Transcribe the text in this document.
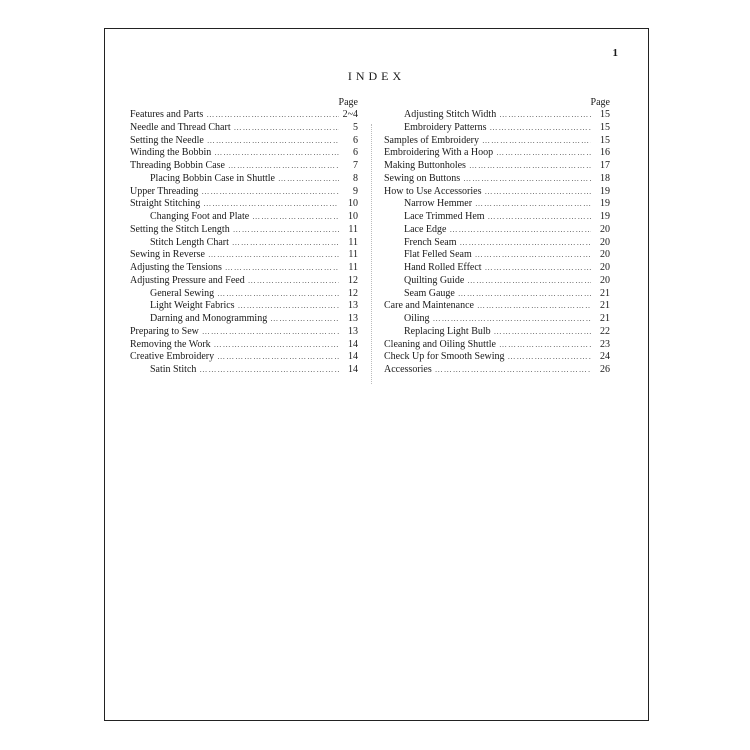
1
INDEX
Page
Features and Parts …………………………………………………………………………………………………………………………	2~4
Needle and Thread Chart …………………………………………………………………………………………………………………………	5
Setting the Needle …………………………………………………………………………………………………………………………	6
Winding the Bobbin …………………………………………………………………………………………………………………………	6
Threading Bobbin Case …………………………………………………………………………………………………………………………	7
Placing Bobbin Case in Shuttle …………………………………………………………………………………………………………………………	8
Upper Threading …………………………………………………………………………………………………………………………	9
Straight Stitching …………………………………………………………………………………………………………………………	10
Changing Foot and Plate …………………………………………………………………………………………………………………………	10
Setting the Stitch Length …………………………………………………………………………………………………………………………	11
Stitch Length Chart …………………………………………………………………………………………………………………………	11
Sewing in Reverse …………………………………………………………………………………………………………………………	11
Adjusting the Tensions …………………………………………………………………………………………………………………………	11
Adjusting Pressure and Feed …………………………………………………………………………………………………………………………	12
General Sewing …………………………………………………………………………………………………………………………	12
Light Weight Fabrics …………………………………………………………………………………………………………………………	13
Darning and Monogramming …………………………………………………………………………………………………………………………	13
Preparing to Sew …………………………………………………………………………………………………………………………	13
Removing the Work …………………………………………………………………………………………………………………………	14
Creative Embroidery …………………………………………………………………………………………………………………………	14
Satin Stitch …………………………………………………………………………………………………………………………	14
Page
Adjusting Stitch Width …………………………………………………………………………………………………………………………	15
Embroidery Patterns …………………………………………………………………………………………………………………………	15
Samples of Embroidery …………………………………………………………………………………………………………………………	15
Embroidering With a Hoop …………………………………………………………………………………………………………………………	16
Making Buttonholes …………………………………………………………………………………………………………………………	17
Sewing on Buttons …………………………………………………………………………………………………………………………	18
How to Use Accessories …………………………………………………………………………………………………………………………	19
Narrow Hemmer …………………………………………………………………………………………………………………………	19
Lace Trimmed Hem …………………………………………………………………………………………………………………………	19
Lace Edge …………………………………………………………………………………………………………………………	20
French Seam …………………………………………………………………………………………………………………………	20
Flat Felled Seam …………………………………………………………………………………………………………………………	20
Hand Rolled Effect …………………………………………………………………………………………………………………………	20
Quilting Guide …………………………………………………………………………………………………………………………	20
Seam Gauge …………………………………………………………………………………………………………………………	21
Care and Maintenance …………………………………………………………………………………………………………………………	21
Oiling …………………………………………………………………………………………………………………………	21
Replacing Light Bulb …………………………………………………………………………………………………………………………	22
Cleaning and Oiling Shuttle …………………………………………………………………………………………………………………………	23
Check Up for Smooth Sewing …………………………………………………………………………………………………………………………	24
Accessories …………………………………………………………………………………………………………………………	26
